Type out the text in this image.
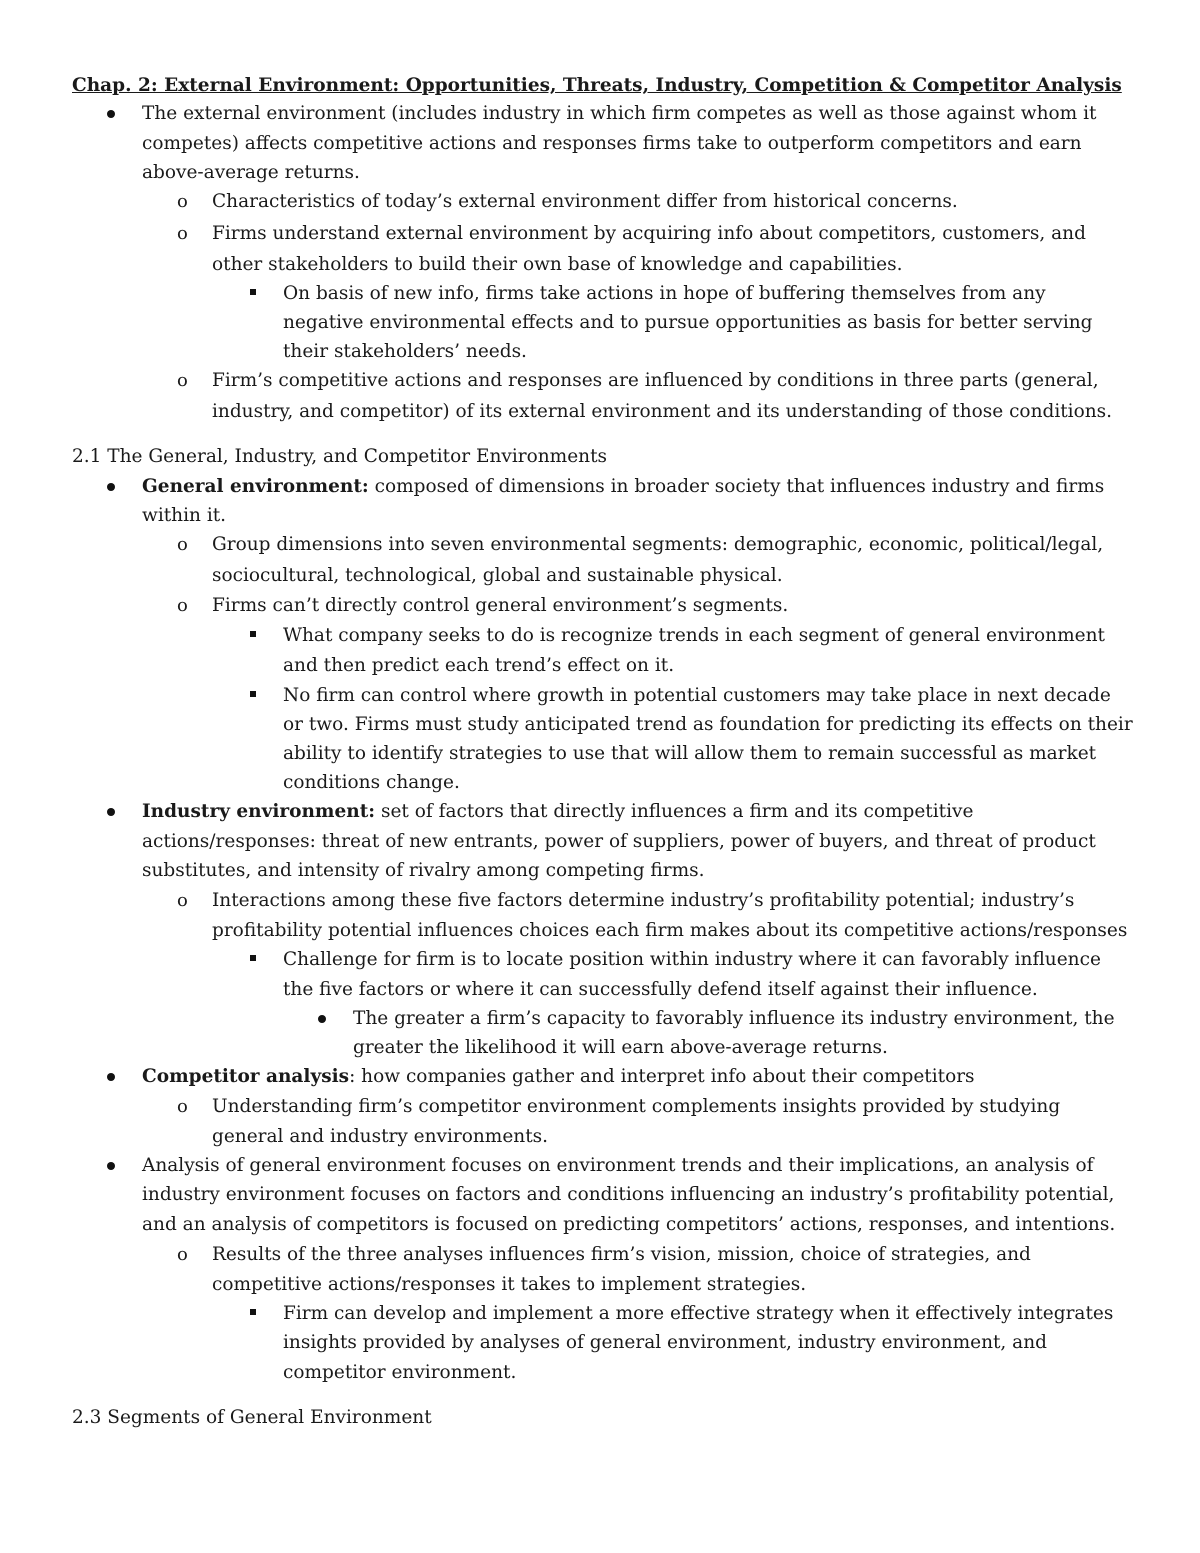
Chap. 2: External Environment: Opportunities, Threats, Industry, Competition & Competitor Analysis
The external environment (includes industry in which firm competes as well as those against whom it
competes) affects competitive actions and responses firms take to outperform competitors and earn
above-average returns.
o Characteristics of today’s external environment differ from historical concerns.
o Firms understand external environment by acquiring info about competitors, customers, and
other stakeholders to build their own base of knowledge and capabilities.
On basis of new info, firms take actions in hope of buffering themselves from any
negative environmental effects and to pursue opportunities as basis for better serving
their stakeholders’ needs.
o Firm’s competitive actions and responses are influenced by conditions in three parts (general,
industry, and competitor) of its external environment and its understanding of those conditions.
2.1 The General, Industry, and Competitor Environments
General environment: composed of dimensions in broader society that influences industry and firms
within it.
o Group dimensions into seven environmental segments: demographic, economic, political/legal,
sociocultural, technological, global and sustainable physical.
o Firms can’t directly control general environment’s segments.
What company seeks to do is recognize trends in each segment of general environment
and then predict each trend’s effect on it.
No firm can control where growth in potential customers may take place in next decade
or two. Firms must study anticipated trend as foundation for predicting its effects on their
ability to identify strategies to use that will allow them to remain successful as market
conditions change.
Industry environment: set of factors that directly influences a firm and its competitive
actions/responses: threat of new entrants, power of suppliers, power of buyers, and threat of product
substitutes, and intensity of rivalry among competing firms.
o Interactions among these five factors determine industry’s profitability potential; industry’s
profitability potential influences choices each firm makes about its competitive actions/responses
Challenge for firm is to locate position within industry where it can favorably influence
the five factors or where it can successfully defend itself against their influence.
The greater a firm’s capacity to favorably influence its industry environment, the
greater the likelihood it will earn above-average returns.
Competitor analysis: how companies gather and interpret info about their competitors
o Understanding firm’s competitor environment complements insights provided by studying
general and industry environments.
Analysis of general environment focuses on environment trends and their implications, an analysis of
industry environment focuses on factors and conditions influencing an industry’s profitability potential,
and an analysis of competitors is focused on predicting competitors’ actions, responses, and intentions.
o Results of the three analyses influences firm’s vision, mission, choice of strategies, and
competitive actions/responses it takes to implement strategies.
Firm can develop and implement a more effective strategy when it effectively integrates
insights provided by analyses of general environment, industry environment, and
competitor environment.
2.3 Segments of General Environment
